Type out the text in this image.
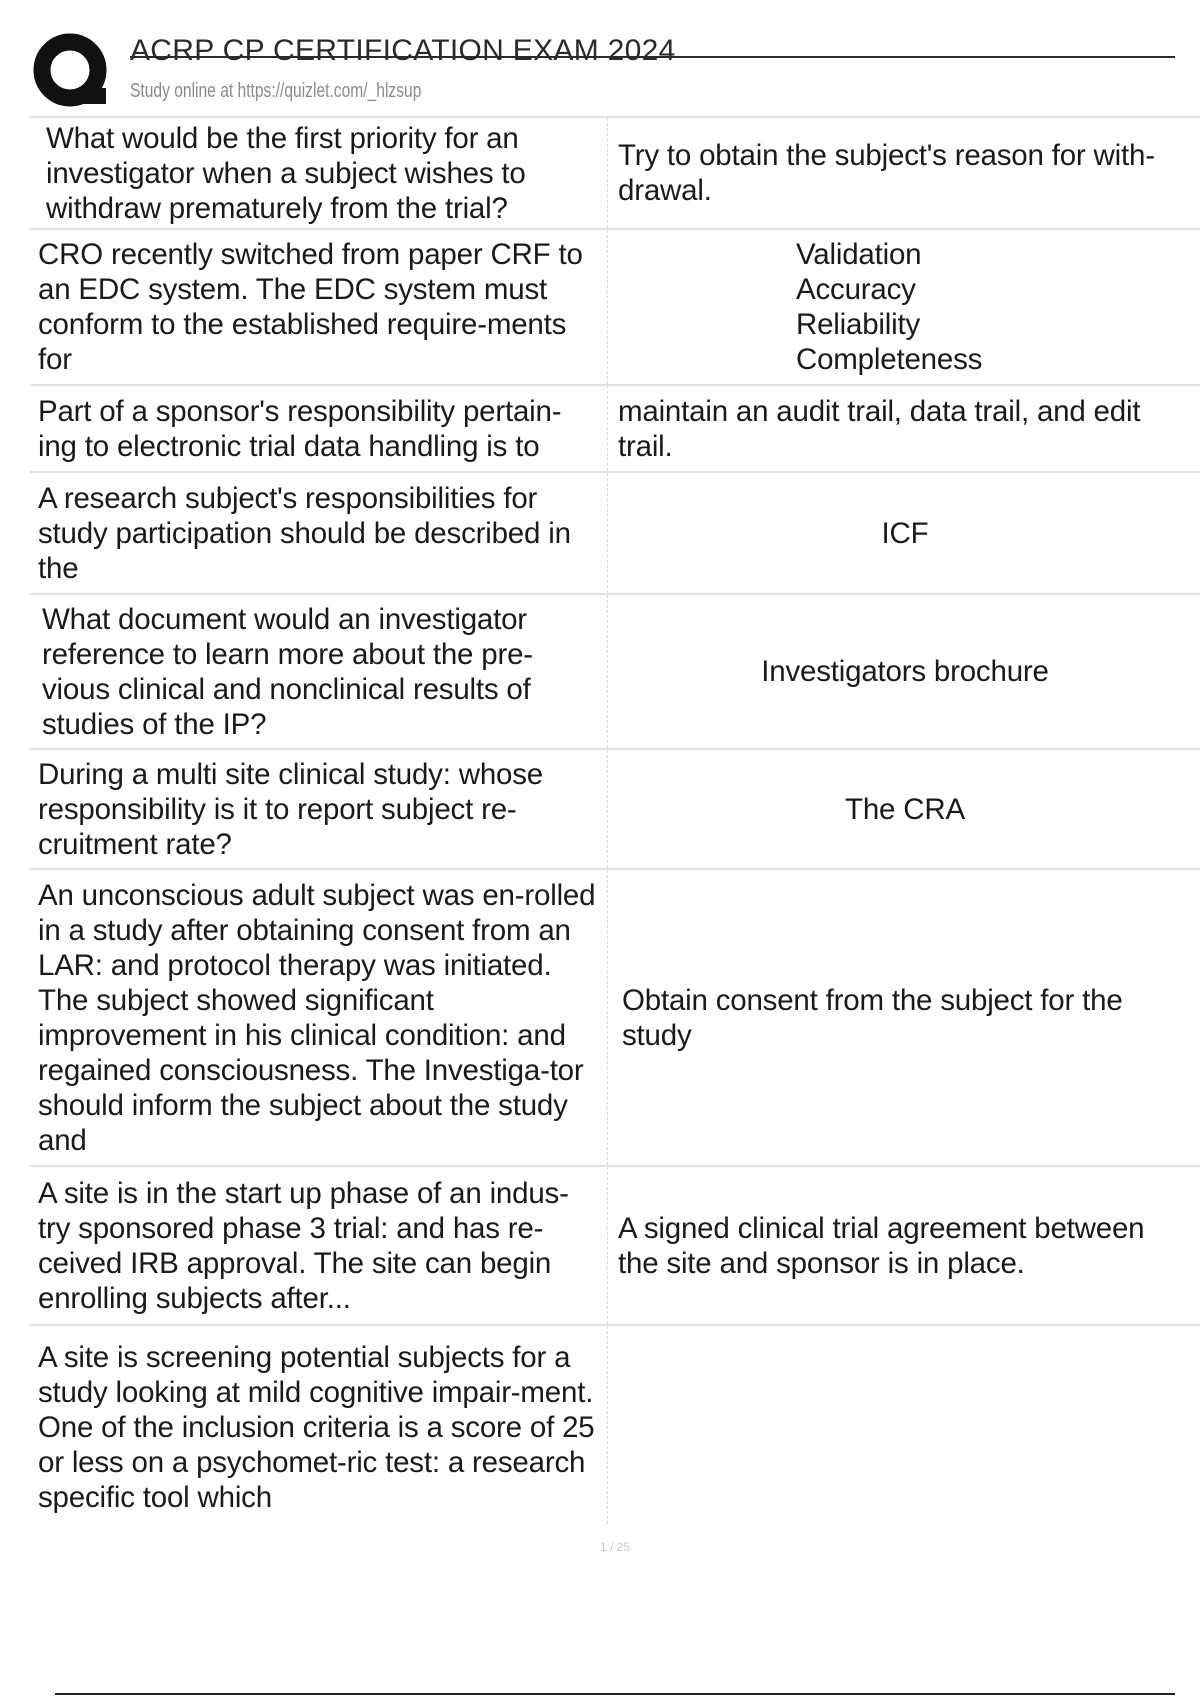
ACRP CP CERTIFICATION EXAM 2024
Study online at https://quizlet.com/_hlzsup
What would be the first priority for an investigator when a subject wishes to withdraw prematurely from the trial?
Try to obtain the subject's reason for with-drawal.
CRO recently switched from paper CRF to an EDC system. The EDC system must conform to the established require-ments for
Validation
Accuracy
Reliability
Completeness
Part of a sponsor's responsibility pertain-ing to electronic trial data handling is to
maintain an audit trail, data trail, and edit trail.
A research subject's responsibilities for study participation should be described in the
ICF
What document would an investigator reference to learn more about the pre-vious clinical and nonclinical results of studies of the IP?
Investigators brochure
During a multi site clinical study: whose responsibility is it to report subject re-cruitment rate?
The CRA
An unconscious adult subject was en-rolled in a study after obtaining consent from an LAR: and protocol therapy was initiated. The subject showed significant improvement in his clinical condition: and regained consciousness. The Investiga-tor should inform the subject about the study and
Obtain consent from the subject for the study
A site is in the start up phase of an indus-try sponsored phase 3 trial: and has re-ceived IRB approval. The site can begin enrolling subjects after...
A signed clinical trial agreement between the site and sponsor is in place.
A site is screening potential subjects for a study looking at mild cognitive impair-ment. One of the inclusion criteria is a score of 25 or less on a psychomet-ric test: a research specific tool which
1 / 25
